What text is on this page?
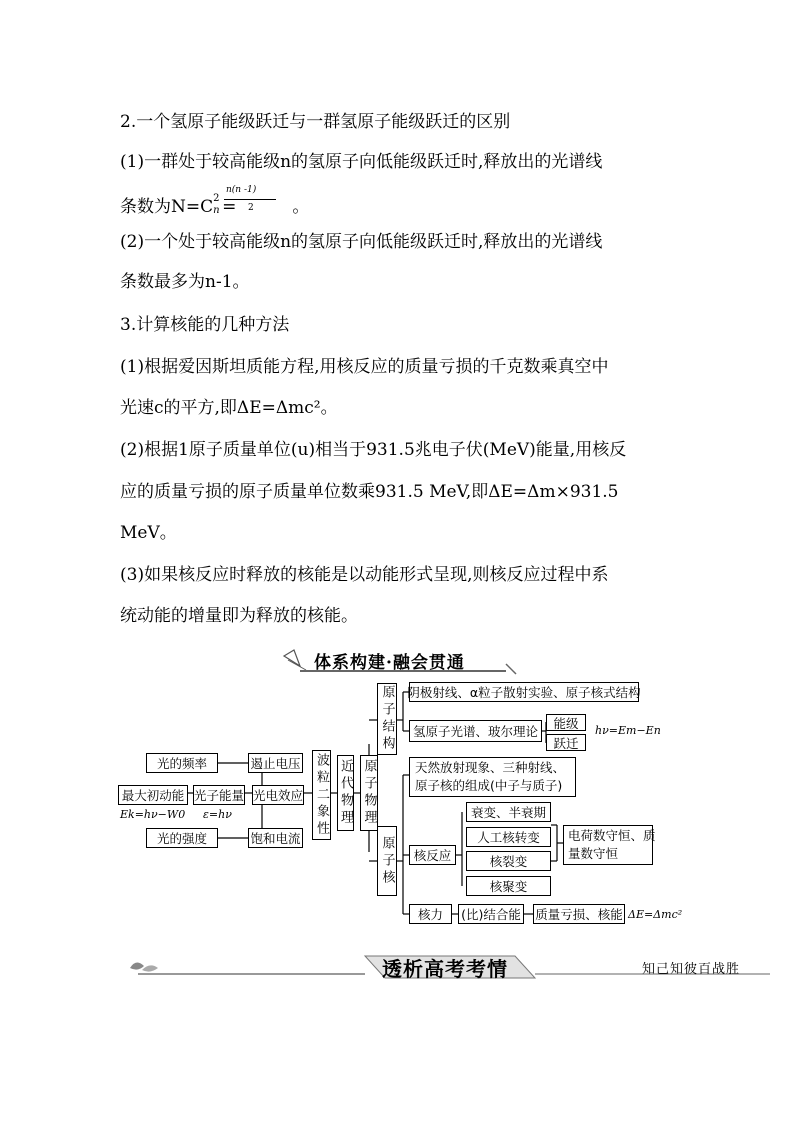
2.一个氢原子能级跃迁与一群氢原子能级跃迁的区别
(1)一群处于较高能级n的氢原子向低能级跃迁时,释放出的光谱线
条数为N=C 2
n =	。
n(n -1)
2
(2)一个处于较高能级n的氢原子向低能级跃迁时,释放出的光谱线
条数最多为n-1。
3.计算核能的几种方法
(1)根据爱因斯坦质能方程,用核反应的质量亏损的千克数乘真空中
光速c的平方,即ΔE=Δmc²。
(2)根据1原子质量单位(u)相当于931.5兆电子伏(MeV)能量,用核反
应的质量亏损的原子质量单位数乘931.5 MeV,即ΔE=Δm×931.5
MeV。
(3)如果核反应时释放的核能是以动能形式呈现,则核反应过程中系
统动能的增量即为释放的核能。
体系构建·融会贯通
光的频率	遏止电压
最大初动能 光子能量 光电效应
Ek=hν−W0 ε=hν
光的强度	饱和电流
波粒二象性 近代物理 原子物理
原子结构
原子核
阴极射线、α粒子散射实验、原子核式结构
氢原子光谱、玻尔理论
能级
跃迁
hν=Em−En
天然放射现象、三种射线、
原子核的组成(中子与质子)
核反应
衰变、半衰期
人工核转变
核裂变
核聚变
电荷数守恒、质
量数守恒
核力	(比)结合能 质量亏损、核能 ΔE=Δmc²
透析高考考情	知己知彼百战胜
